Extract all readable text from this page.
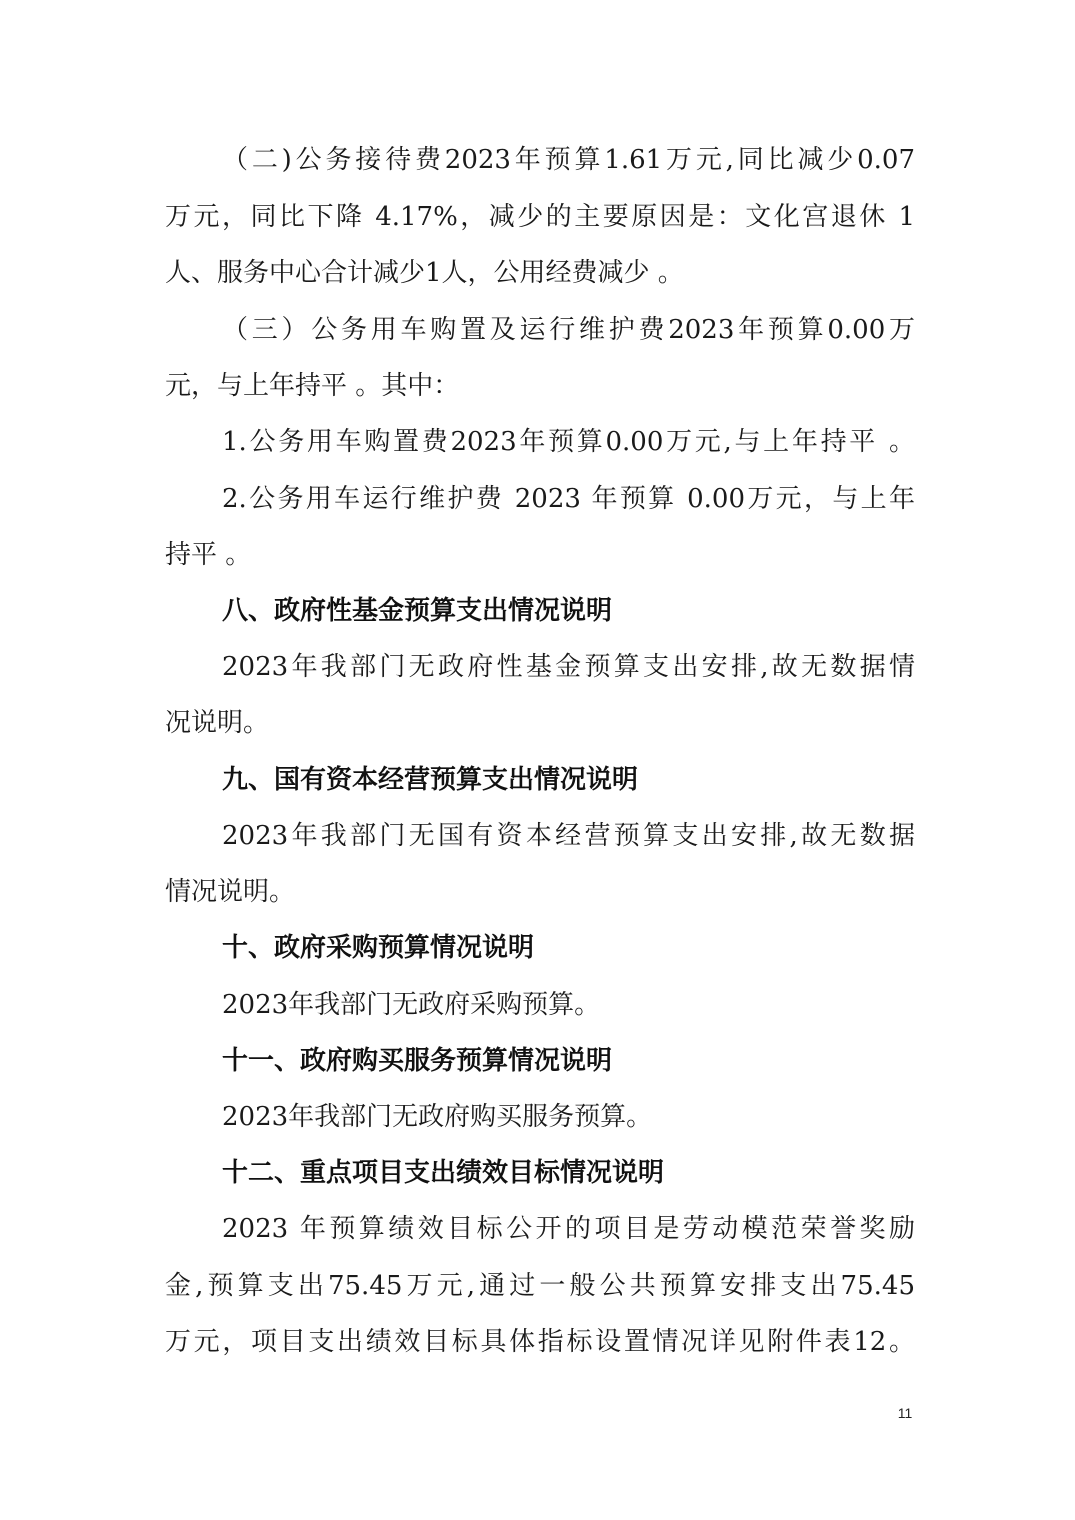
（二)公务接待费2023年预算1.61万元,同比减少0.07
万元，同比下降 4.17%，减少的主要原因是：文化宫退休 1
人、服务中心合计减少1人，公用经费减少 。
（三）公务用车购置及运行维护费2023年预算0.00万
元，与上年持平 。其中：
1.公务用车购置费2023年预算0.00万元,与上年持平 。
2.公务用车运行维护费 2023 年预算 0.00万元，与上年
持平 。
八、政府性基金预算支出情况说明
2023年我部门无政府性基金预算支出安排,故无数据情
况说明。
九、国有资本经营预算支出情况说明
2023年我部门无国有资本经营预算支出安排,故无数据
情况说明。
十、政府采购预算情况说明
2023年我部门无政府采购预算。
十一、政府购买服务预算情况说明
2023年我部门无政府购买服务预算。
十二、重点项目支出绩效目标情况说明
2023 年预算绩效目标公开的项目是劳动模范荣誉奖励
金,预算支出75.45万元,通过一般公共预算安排支出75.45
万元，项目支出绩效目标具体指标设置情况详见附件表12。
11
